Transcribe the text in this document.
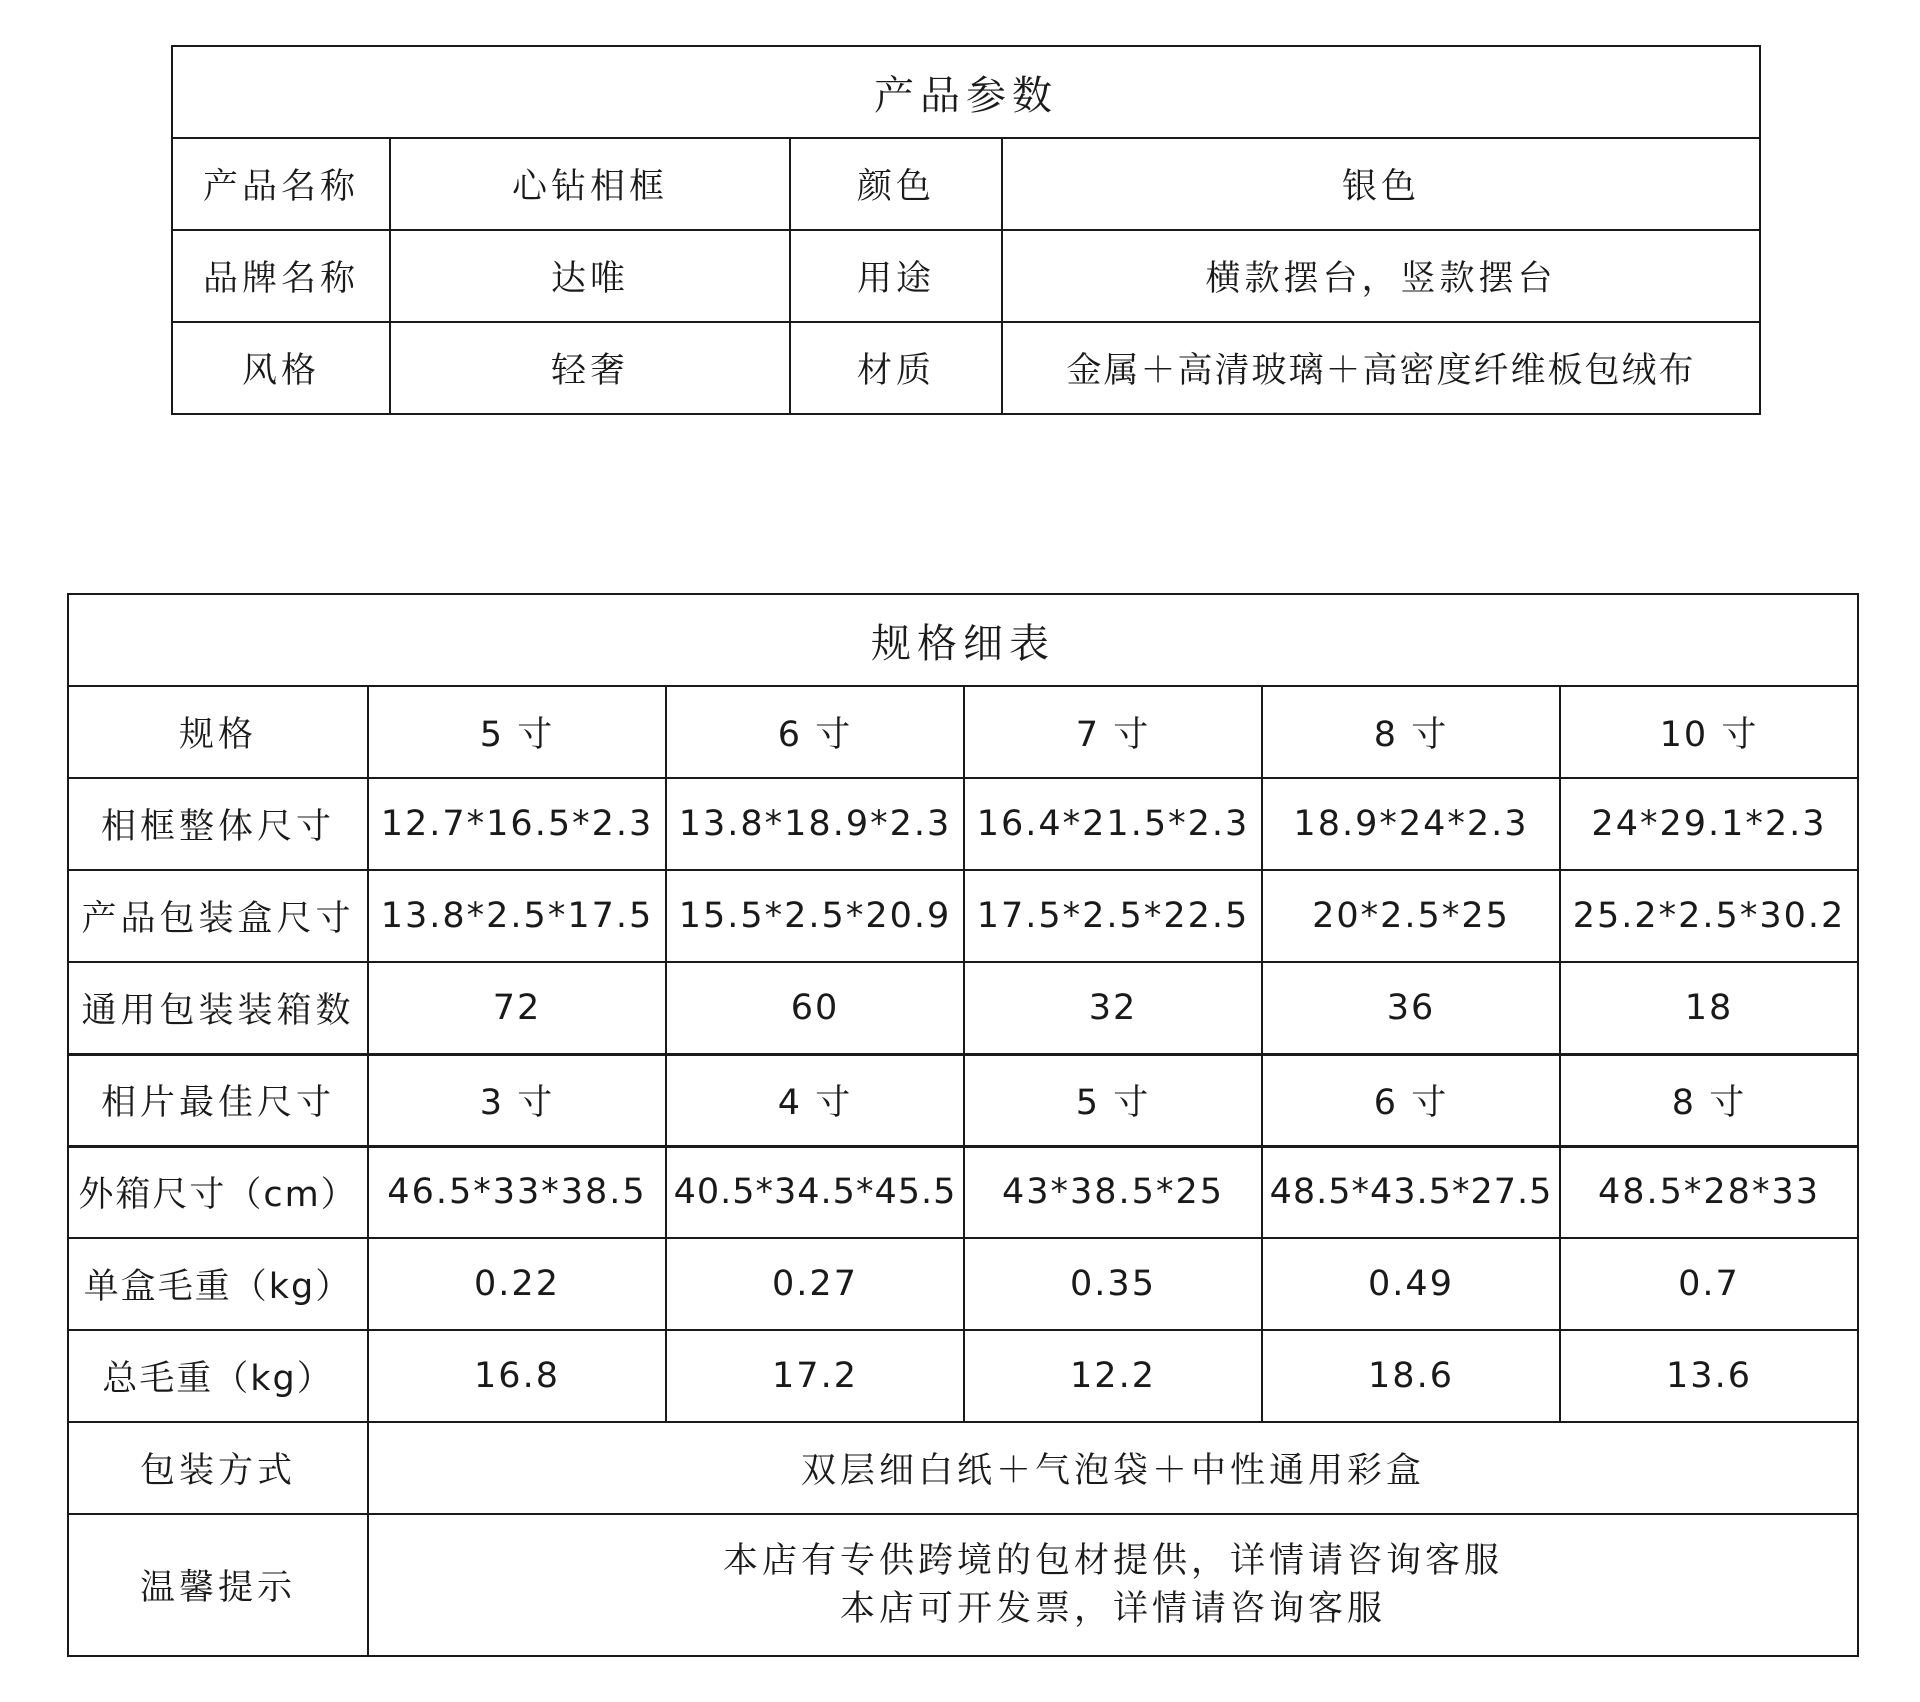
产品参数			
产品名称	心钻相框	颜色	银色
品牌名称	达唯	用途	横款摆台，竖款摆台
风格	轻奢	材质	金属＋高清玻璃＋高密度纤维板包绒布
规格细表					
规格	5 寸	6 寸	7 寸	8 寸	10 寸
相框整体尺寸	12.7*16.5*2.3	13.8*18.9*2.3	16.4*21.5*2.3	18.9*24*2.3	24*29.1*2.3
产品包装盒尺寸	13.8*2.5*17.5	15.5*2.5*20.9	17.5*2.5*22.5	20*2.5*25	25.2*2.5*30.2
通用包装装箱数	72	60	32	36	18
相片最佳尺寸	3 寸	4 寸	5 寸	6 寸	8 寸
外箱尺寸（cm）	46.5*33*38.5	40.5*34.5*45.5	43*38.5*25	48.5*43.5*27.5	48.5*28*33
单盒毛重（kg）	0.22	0.27	0.35	0.49	0.7
总毛重（kg）	16.8	17.2	12.2	18.6	13.6
包装方式	双层细白纸＋气泡袋＋中性通用彩盒				
温馨提示	本店有专供跨境的包材提供，详情请咨询客服
本店可开发票，详情请咨询客服				
